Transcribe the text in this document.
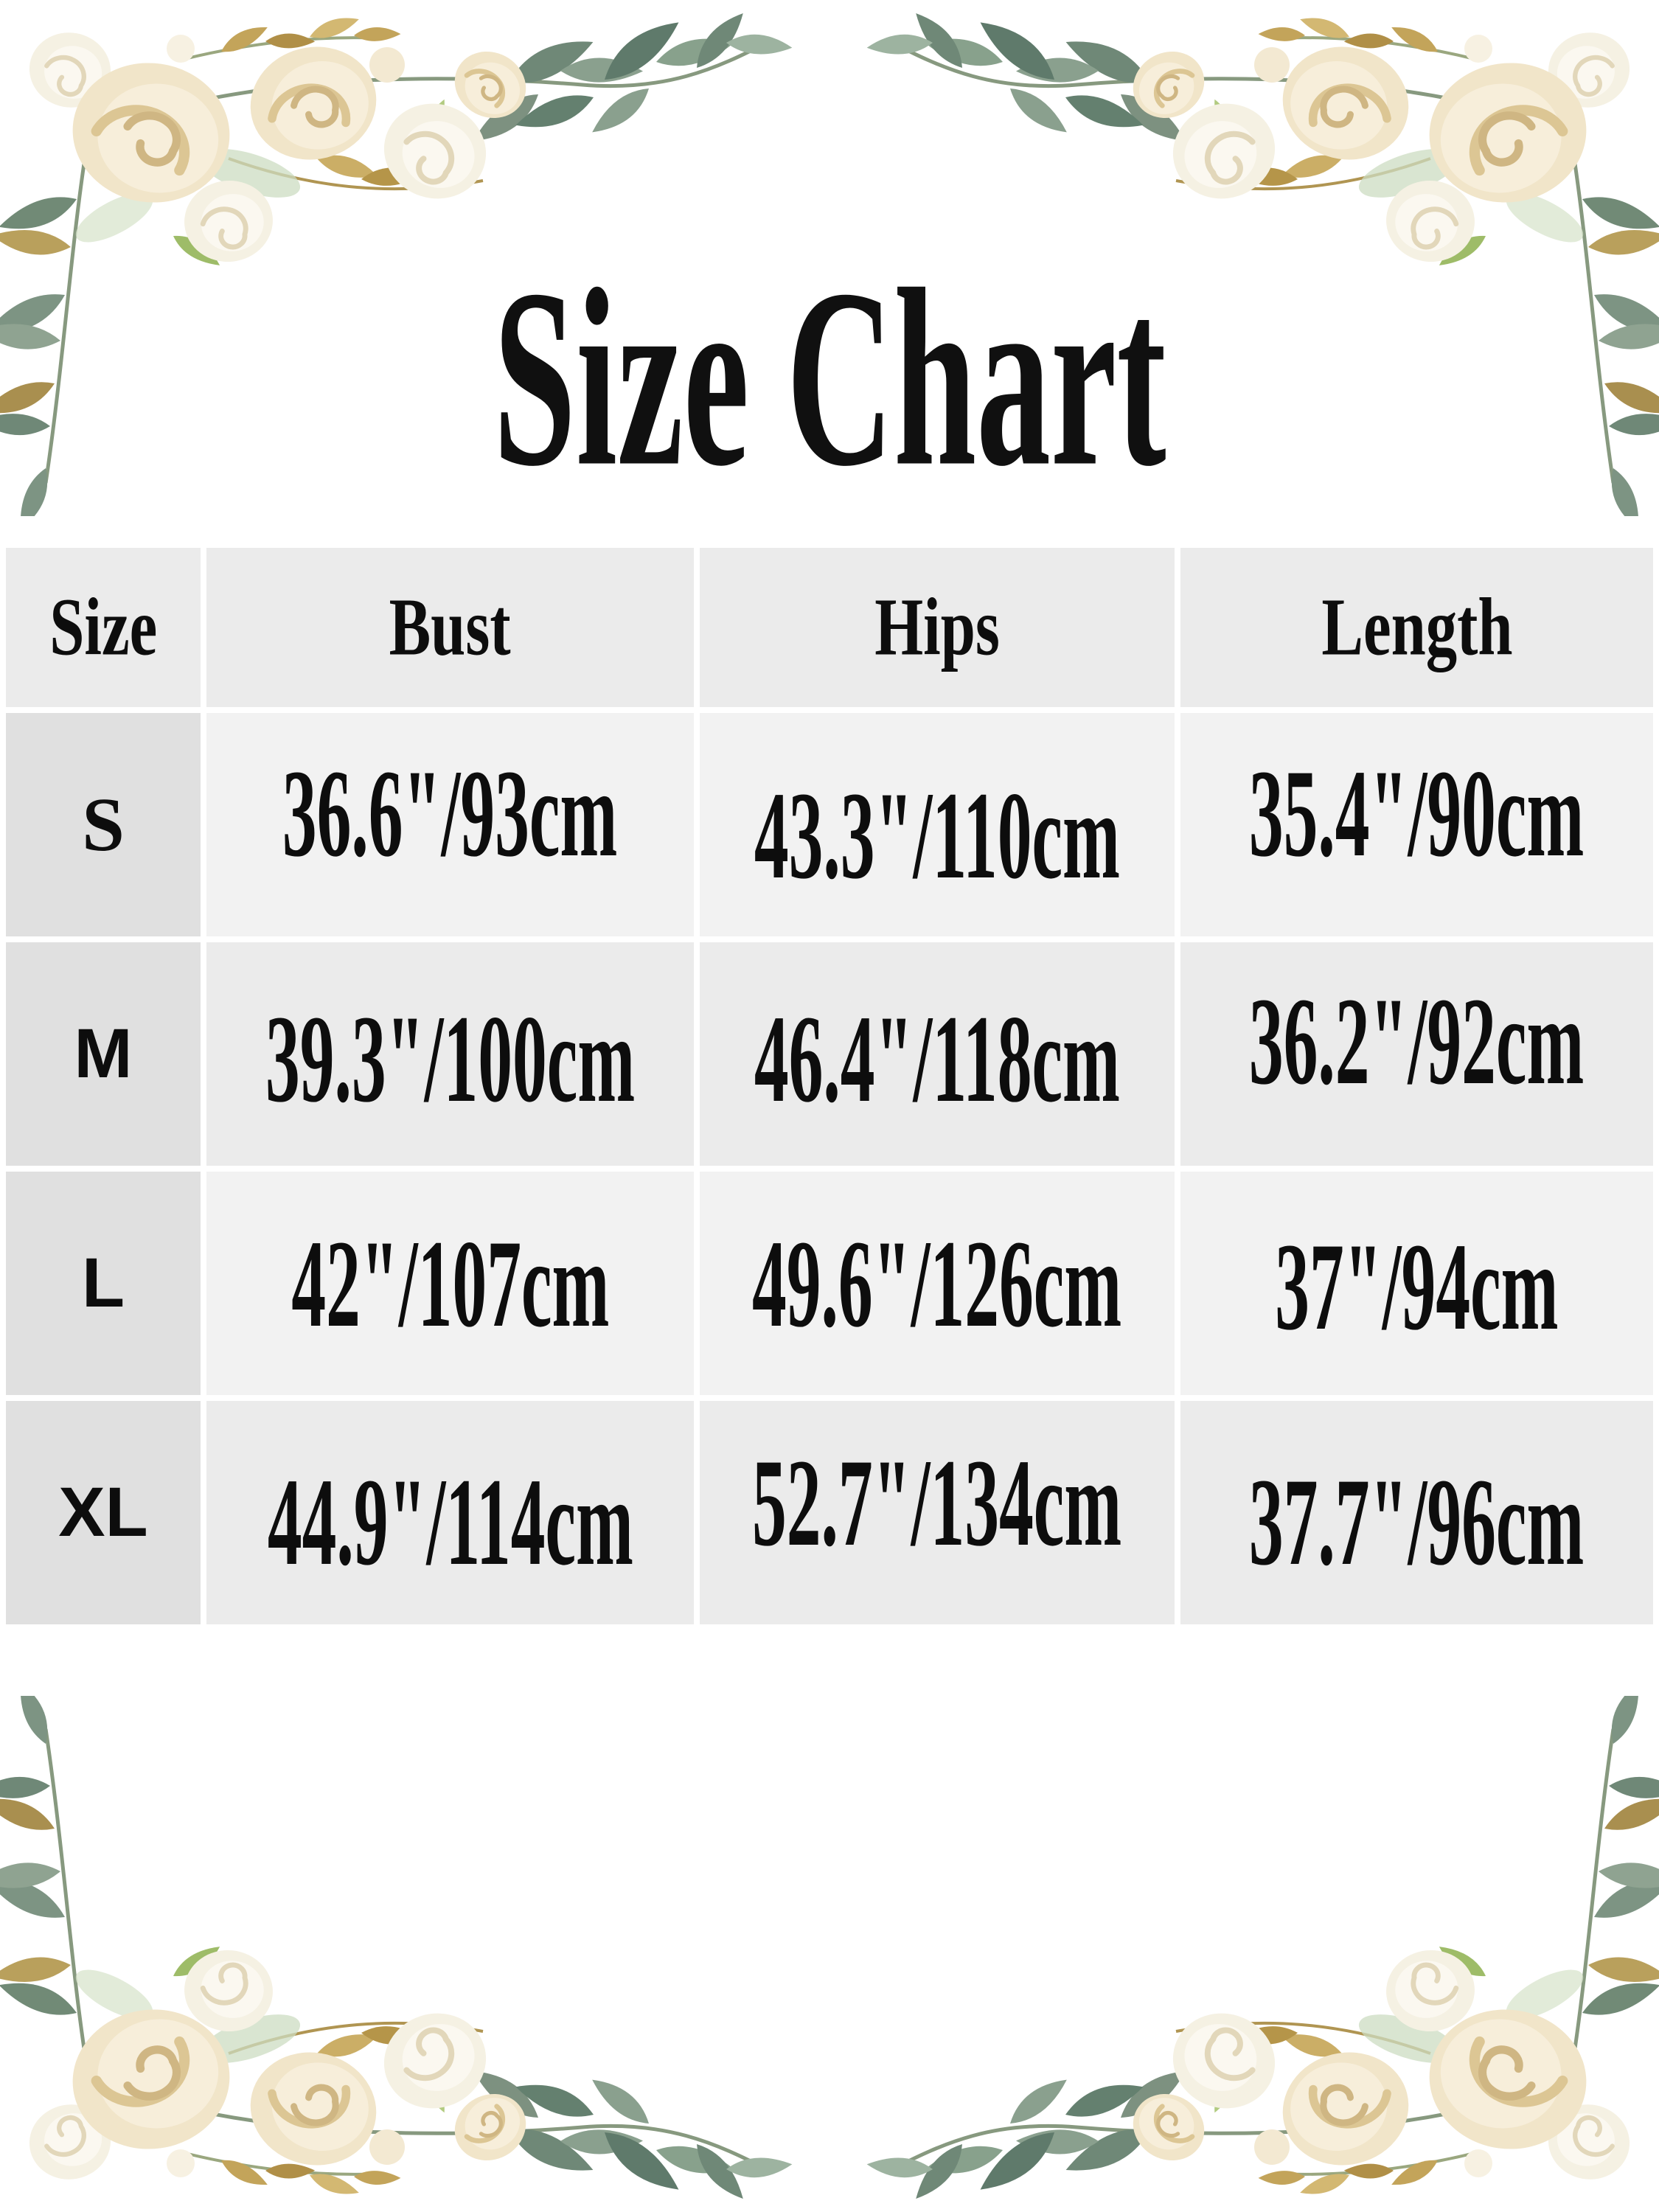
Size Chart
Size	Bust	Hips	Length
S 36.6"/93cm 43.3"/110cm 35.4"/90cm
M 39.3"/100cm 46.4"/118cm 36.2"/92cm
L 42"/107cm 49.6"/126cm 37"/94cm
XL 44.9"/114cm 52.7"/134cm 37.7"/96cm
